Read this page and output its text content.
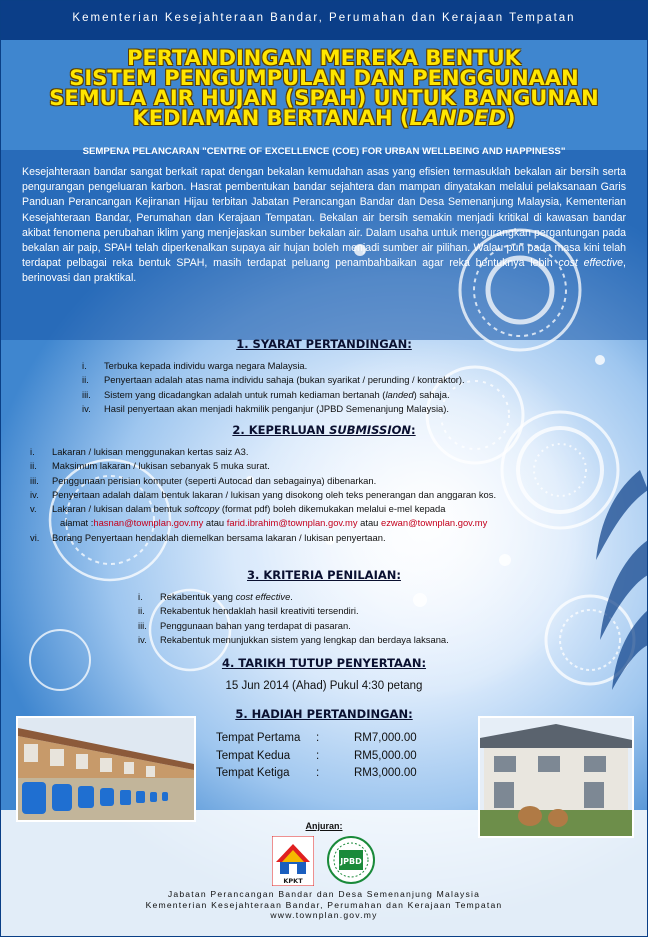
Kementerian Kesejahteraan Bandar, Perumahan dan Kerajaan Tempatan
PERTANDINGAN MEREKA BENTUK
SISTEM PENGUMPULAN DAN PENGGUNAAN
SEMULA AIR HUJAN (SPAH) UNTUK BANGUNAN
KEDIAMAN BERTANAH (LANDED)
SEMPENA PELANCARAN "CENTRE OF EXCELLENCE (COE) FOR URBAN WELLBEING AND HAPPINESS"
Kesejahteraan bandar sangat berkait rapat dengan bekalan kemudahan asas yang efisien termasuklah bekalan air bersih serta pengurangan pengeluaran karbon. Hasrat pembentukan bandar sejahtera dan mampan dinyatakan melalui pelaksanaan Garis Panduan Perancangan Kejiranan Hijau terbitan Jabatan Perancangan Bandar dan Desa Semenanjung Malaysia, Kementerian Kesejahteraan Bandar, Perumahan dan Kerajaan Tempatan. Bekalan air bersih semakin menjadi kritikal di kawasan bandar akibat fenomena perubahan iklim yang menjejaskan sumber bekalan air. Dalam usaha untuk mengurangkan pergantungan pada bekalan air paip, SPAH telah diperkenalkan supaya air hujan boleh menjadi sumber air pilihan. Walau pun pada masa kini telah terdapat pelbagai reka bentuk SPAH, masih terdapat peluang penambahbaikan agar reka bentuknya lebih cost effective, berinovasi dan praktikal.
1. SYARAT PERTANDINGAN:
i.	Terbuka kepada individu warga negara Malaysia.
ii.	Penyertaan adalah atas nama individu sahaja (bukan syarikat / perunding / kontraktor).
iii.	Sistem yang dicadangkan adalah untuk rumah kediaman bertanah (landed) sahaja.
iv.	Hasil penyertaan akan menjadi hakmilik penganjur (JPBD Semenanjung Malaysia).
2. KEPERLUAN SUBMISSION:
i.	Lakaran / lukisan menggunakan kertas saiz A3.
ii.	Maksimum lakaran / lukisan sebanyak 5 muka surat.
iii.	Penggunaan perisian komputer (seperti Autocad dan sebagainya) dibenarkan.
iv.	Penyertaan adalah dalam bentuk lakaran / lukisan yang disokong oleh teks penerangan dan anggaran kos.
v.	Lakaran / lukisan dalam bentuk softcopy (format pdf) boleh dikemukakan melalui e-mel kepada
alamat :hasnan@townplan.gov.my atau farid.ibrahim@townplan.gov.my atau ezwan@townplan.gov.my
vi.	Borang Penyertaan hendaklah diemelkan bersama lakaran / lukisan penyertaan.
3. KRITERIA PENILAIAN:
i.	Rekabentuk yang cost effective.
ii.	Rekabentuk hendaklah hasil kreativiti tersendiri.
iii.	Penggunaan bahan yang terdapat di pasaran.
iv.	Rekabentuk menunjukkan sistem yang lengkap dan berdaya laksana.
4. TARIKH TUTUP PENYERTAAN:
15 Jun 2014 (Ahad) Pukul 4:30 petang
5. HADIAH PERTANDINGAN:
Tempat Pertama	:	RM7,000.00
Tempat Kedua	:	RM5,000.00
Tempat Ketiga	:	RM3,000.00
Anjuran:
KPKT
JPBD
Jabatan Perancangan Bandar dan Desa Semenanjung Malaysia
Kementerian Kesejahteraan Bandar, Perumahan dan Kerajaan Tempatan
www.townplan.gov.my
